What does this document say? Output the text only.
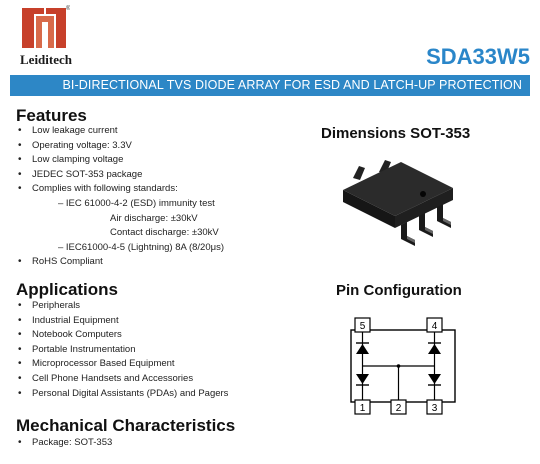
®
Leiditech	SDA33W5
BI-DIRECTIONAL TVS DIODE ARRAY FOR ESD AND LATCH-UP PROTECTION
Features
• Low leakage current
• Operating voltage: 3.3V
• Low clamping voltage
• JEDEC SOT-353 package
• Complies with following standards:
– IEC 61000-4-2 (ESD) immunity test
Air discharge: ±30kV
Contact discharge: ±30kV
– IEC61000-4-5 (Lightning) 8A (8/20μs)
• RoHS Compliant
Applications
• Peripherals
• Industrial Equipment
• Notebook Computers
• Portable Instrumentation
• Microprocessor Based Equipment
• Cell Phone Handsets and Accessories
• Personal Digital Assistants (PDAs) and Pagers
Mechanical Characteristics
• Package: SOT-353
Dimensions SOT-353
Pin Configuration
5	4
1	2	3
